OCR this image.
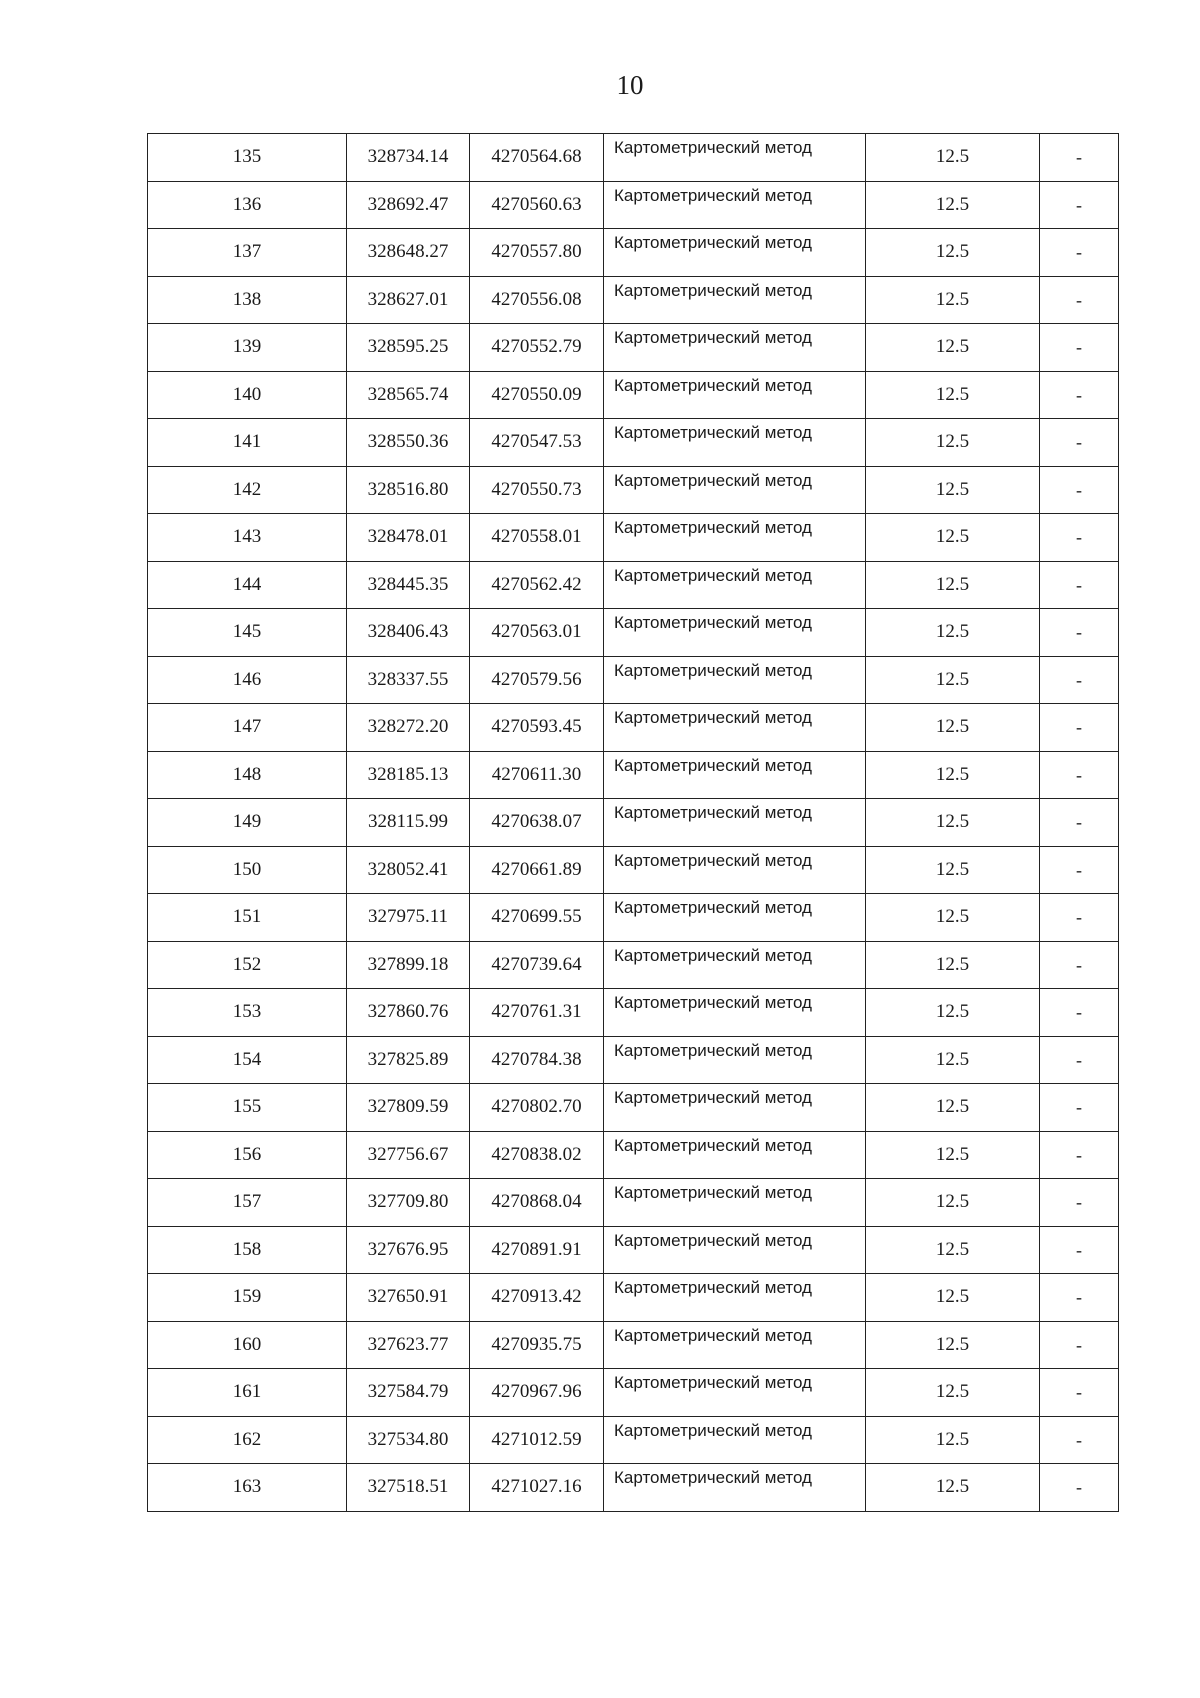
10
135	328734.14	4270564.68	Картометрический метод	12.5	-
136	328692.47	4270560.63	Картометрический метод	12.5	-
137	328648.27	4270557.80	Картометрический метод	12.5	-
138	328627.01	4270556.08	Картометрический метод	12.5	-
139	328595.25	4270552.79	Картометрический метод	12.5	-
140	328565.74	4270550.09	Картометрический метод	12.5	-
141	328550.36	4270547.53	Картометрический метод	12.5	-
142	328516.80	4270550.73	Картометрический метод	12.5	-
143	328478.01	4270558.01	Картометрический метод	12.5	-
144	328445.35	4270562.42	Картометрический метод	12.5	-
145	328406.43	4270563.01	Картометрический метод	12.5	-
146	328337.55	4270579.56	Картометрический метод	12.5	-
147	328272.20	4270593.45	Картометрический метод	12.5	-
148	328185.13	4270611.30	Картометрический метод	12.5	-
149	328115.99	4270638.07	Картометрический метод	12.5	-
150	328052.41	4270661.89	Картометрический метод	12.5	-
151	327975.11	4270699.55	Картометрический метод	12.5	-
152	327899.18	4270739.64	Картометрический метод	12.5	-
153	327860.76	4270761.31	Картометрический метод	12.5	-
154	327825.89	4270784.38	Картометрический метод	12.5	-
155	327809.59	4270802.70	Картометрический метод	12.5	-
156	327756.67	4270838.02	Картометрический метод	12.5	-
157	327709.80	4270868.04	Картометрический метод	12.5	-
158	327676.95	4270891.91	Картометрический метод	12.5	-
159	327650.91	4270913.42	Картометрический метод	12.5	-
160	327623.77	4270935.75	Картометрический метод	12.5	-
161	327584.79	4270967.96	Картометрический метод	12.5	-
162	327534.80	4271012.59	Картометрический метод	12.5	-
163	327518.51	4271027.16	Картометрический метод	12.5	-
